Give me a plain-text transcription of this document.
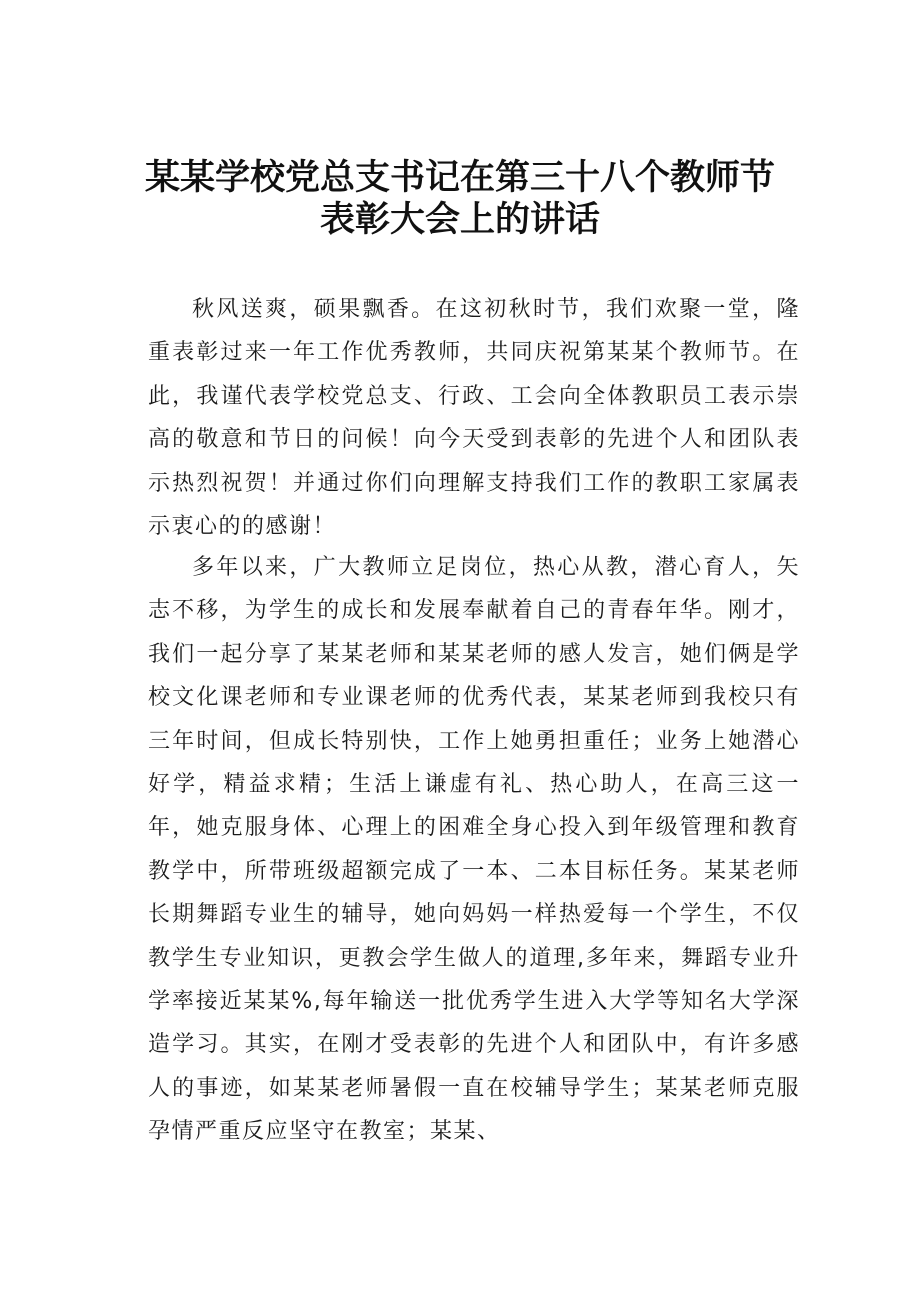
某某学校党总支书记在第三十八个教师节
表彰大会上的讲话

秋风送爽，硕果飘香。在这初秋时节，我们欢聚一堂，隆重表彰过来一年工作优秀教师，共同庆祝第某某个教师节。在此，我谨代表学校党总支、行政、工会向全体教职员工表示崇高的敬意和节日的问候！向今天受到表彰的先进个人和团队表示热烈祝贺！并通过你们向理解支持我们工作的教职工家属表示衷心的的感谢！

多年以来，广大教师立足岗位，热心从教，潜心育人，矢志不移，为学生的成长和发展奉献着自己的青春年华。刚才，我们一起分享了某某老师和某某老师的感人发言，她们俩是学校文化课老师和专业课老师的优秀代表，某某老师到我校只有三年时间，但成长特别快，工作上她勇担重任；业务上她潜心好学，精益求精；生活上谦虚有礼、热心助人，在高三这一年，她克服身体、心理上的困难全身心投入到年级管理和教育教学中，所带班级超额完成了一本、二本目标任务。某某老师长期舞蹈专业生的辅导，她向妈妈一样热爱每一个学生，不仅教学生专业知识，更教会学生做人的道理,多年来，舞蹈专业升学率接近某某%,每年输送一批优秀学生进入大学等知名大学深造学习。其实，在刚才受表彰的先进个人和团队中，有许多感人的事迹，如某某老师暑假一直在校辅导学生；某某老师克服孕情严重反应坚守在教室；某某、
